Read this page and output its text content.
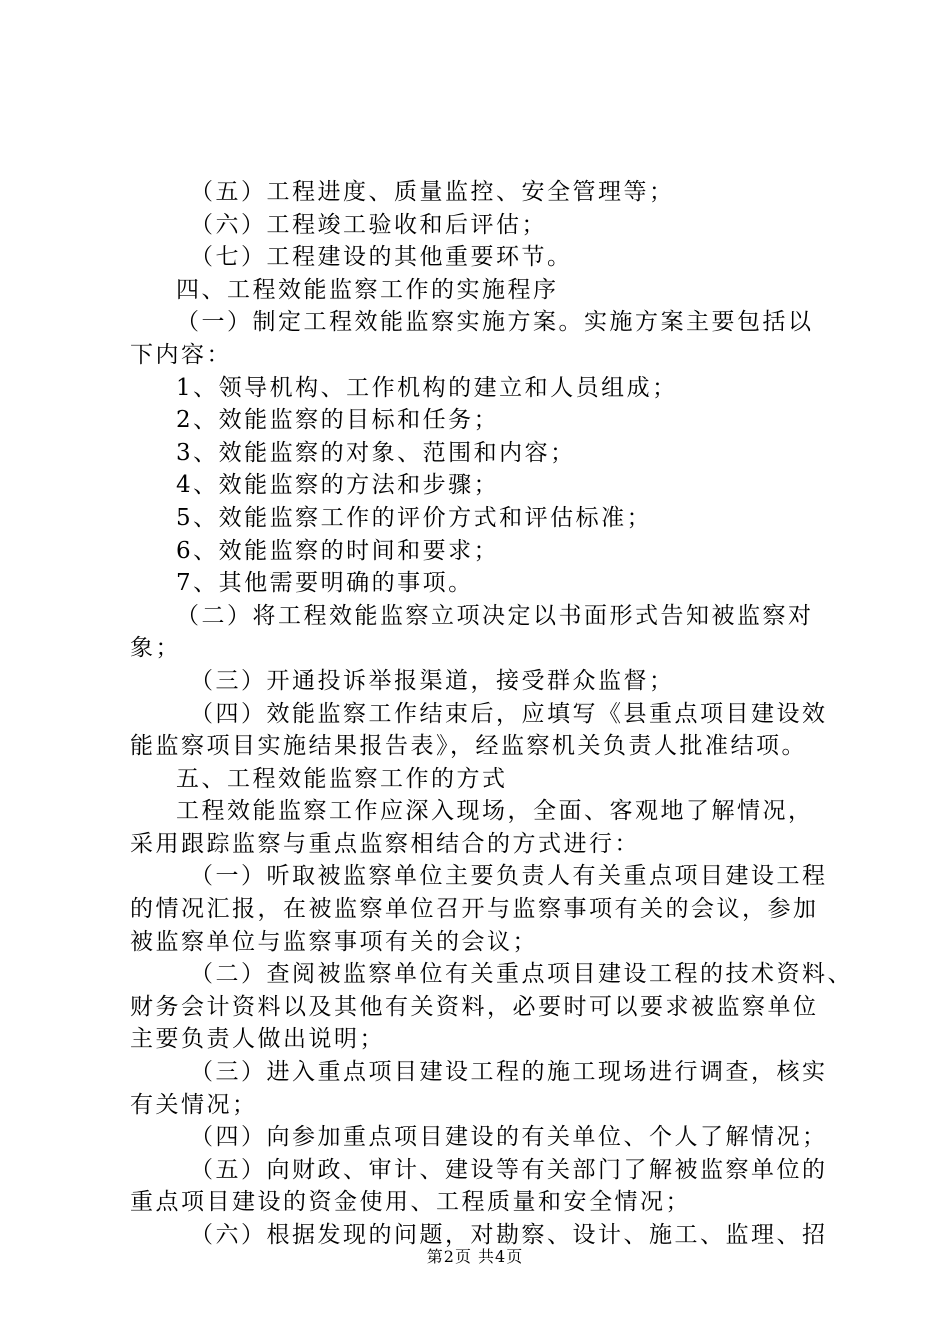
（五）工程进度、质量监控、安全管理等；
（六）工程竣工验收和后评估；
（七）工程建设的其他重要环节。
四、工程效能监察工作的实施程序
（一）制定工程效能监察实施方案。实施方案主要包括以
下内容：
1、领导机构、工作机构的建立和人员组成；
2、效能监察的目标和任务；
3、效能监察的对象、范围和内容；
4、效能监察的方法和步骤；
5、效能监察工作的评价方式和评估标准；
6、效能监察的时间和要求；
7、其他需要明确的事项。
（二）将工程效能监察立项决定以书面形式告知被监察对
象；
（三）开通投诉举报渠道，接受群众监督；
（四）效能监察工作结束后，应填写《县重点项目建设效
能监察项目实施结果报告表》，经监察机关负责人批准结项。
五、工程效能监察工作的方式
工程效能监察工作应深入现场，全面、客观地了解情况，
采用跟踪监察与重点监察相结合的方式进行：
（一）听取被监察单位主要负责人有关重点项目建设工程
的情况汇报，在被监察单位召开与监察事项有关的会议，参加
被监察单位与监察事项有关的会议；
（二）查阅被监察单位有关重点项目建设工程的技术资料、
财务会计资料以及其他有关资料，必要时可以要求被监察单位
主要负责人做出说明；
（三）进入重点项目建设工程的施工现场进行调查，核实
有关情况；
（四）向参加重点项目建设的有关单位、个人了解情况；
（五）向财政、审计、建设等有关部门了解被监察单位的
重点项目建设的资金使用、工程质量和安全情况；
（六）根据发现的问题，对勘察、设计、施工、监理、招
第2页 共4页
